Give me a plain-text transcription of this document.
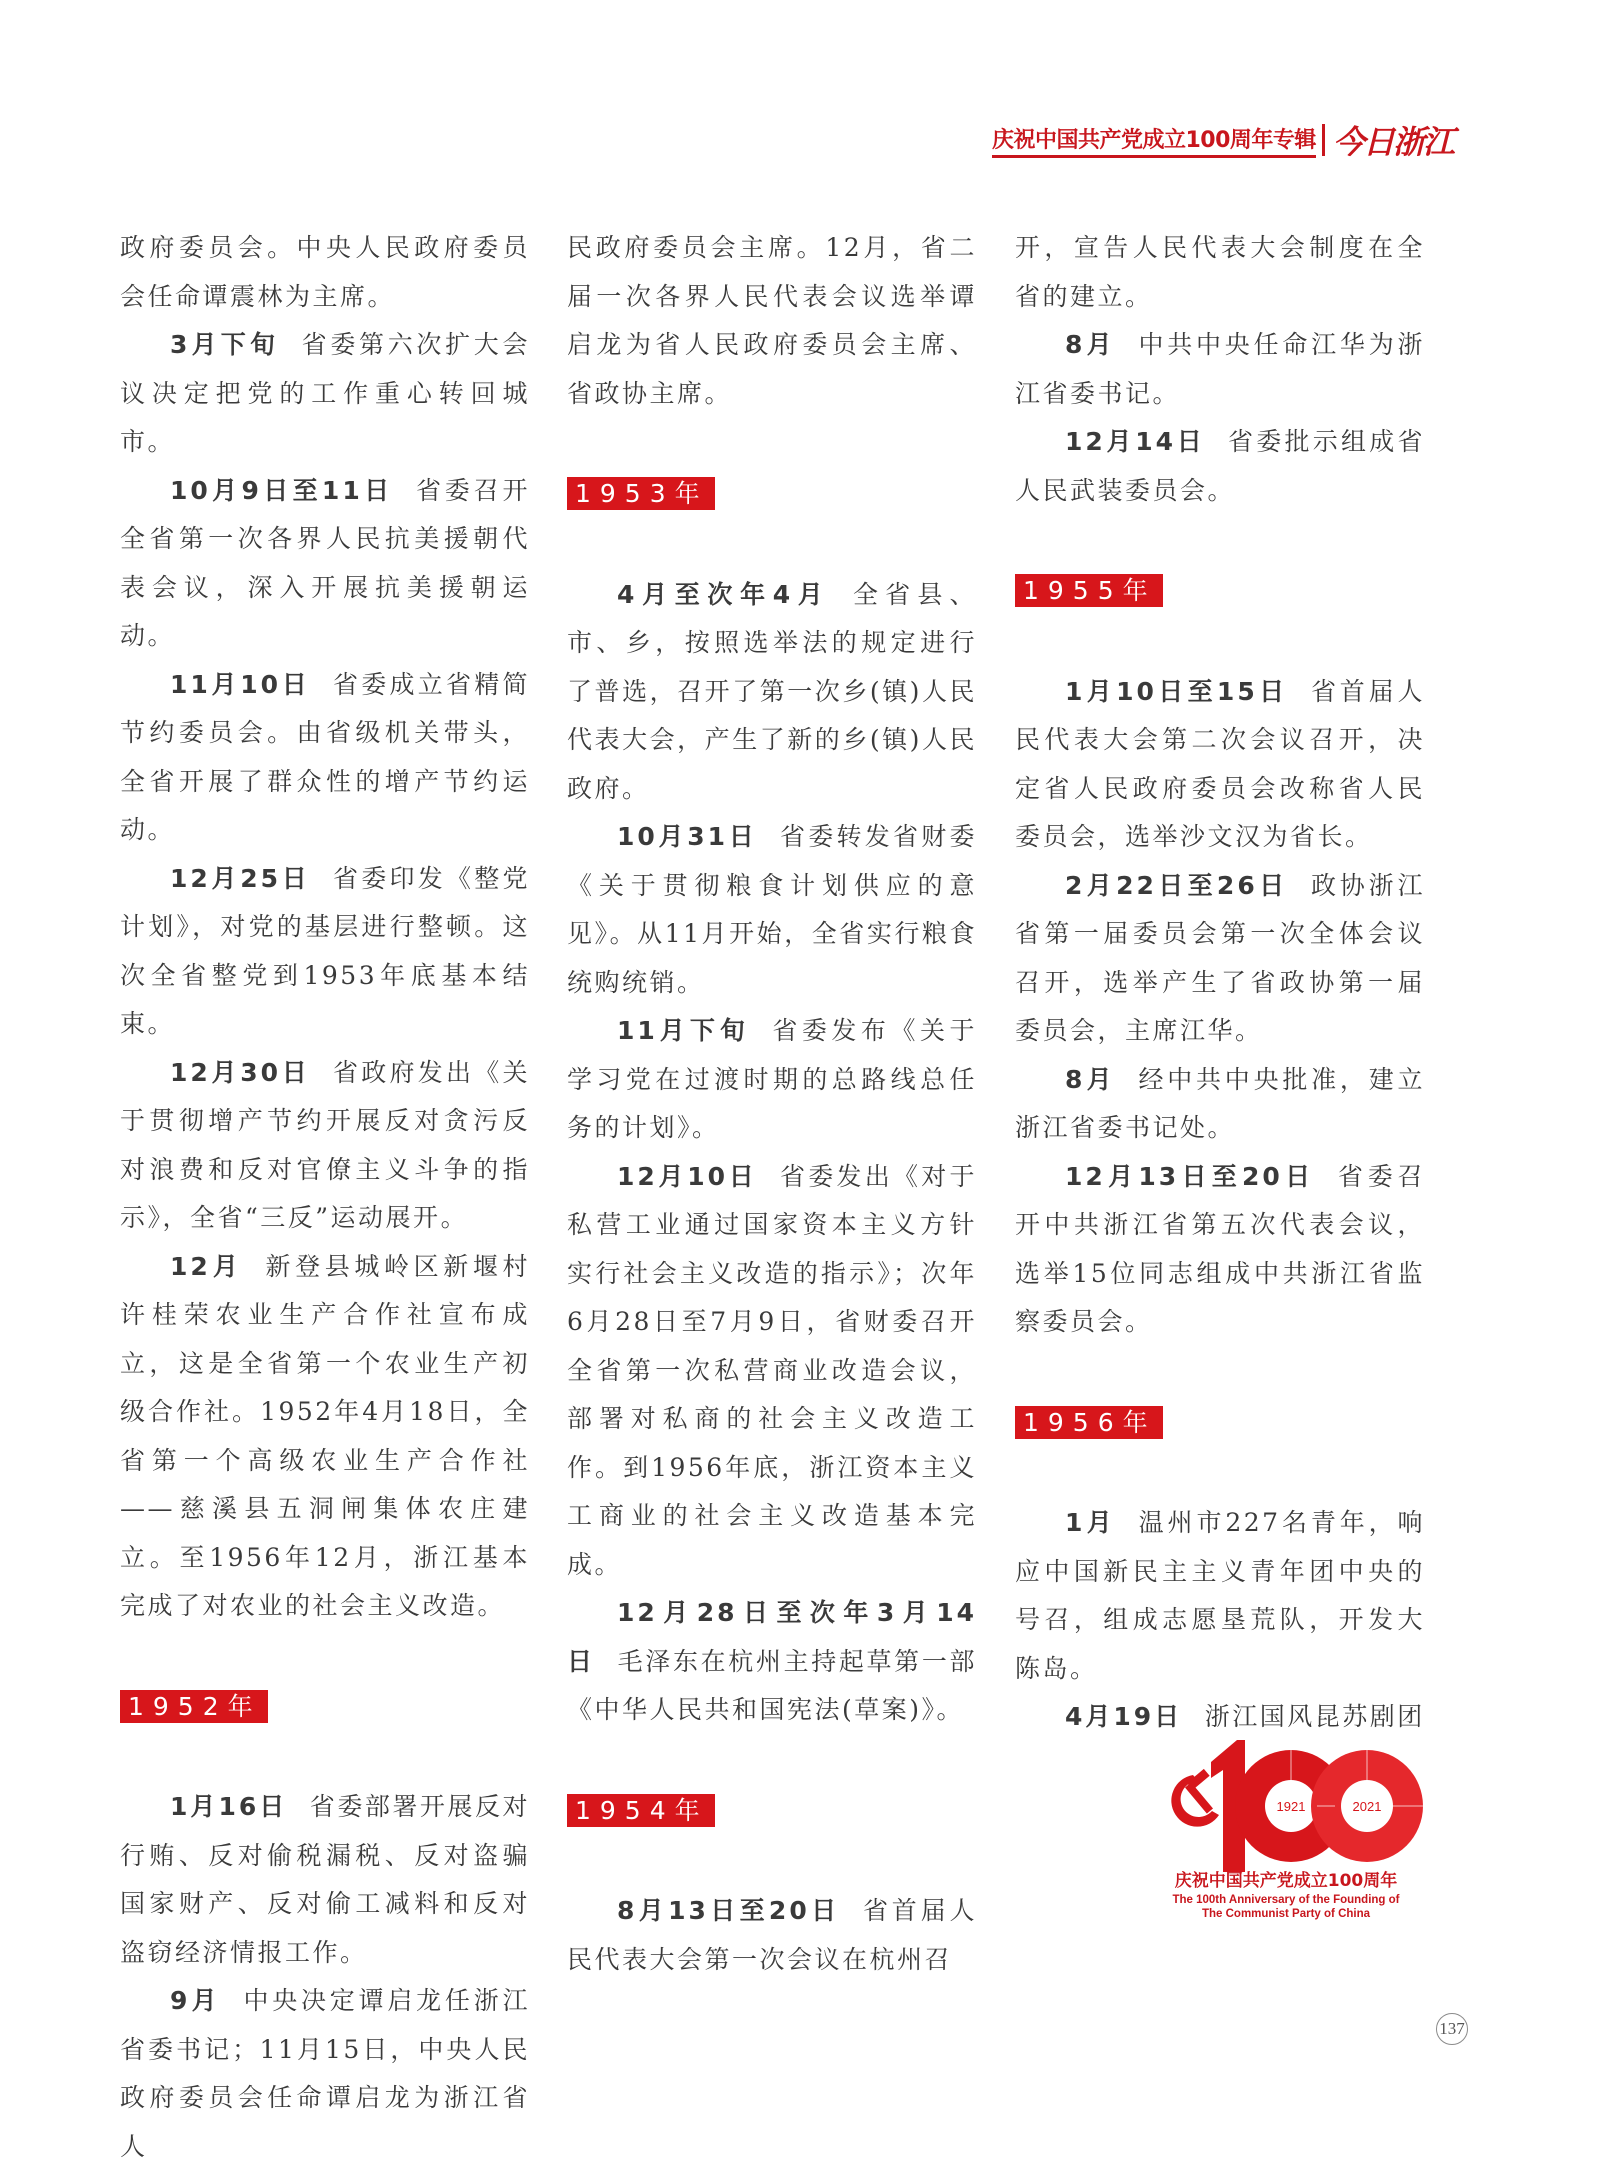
庆祝中国共产党成立100周年专辑 今日浙江

政府委员会。中央人民政府委员会任命谭震林为主席。

3月下旬 省委第六次扩大会议决定把党的工作重心转回城市。

10月9日至11日 省委召开全省第一次各界人民抗美援朝代表会议，深入开展抗美援朝运动。

11月10日 省委成立省精简节约委员会。由省级机关带头，全省开展了群众性的增产节约运动。

12月25日 省委印发《整党计划》，对党的基层进行整顿。这次全省整党到1953年底基本结束。

12月30日 省政府发出《关于贯彻增产节约开展反对贪污反对浪费和反对官僚主义斗争的指示》，全省“三反”运动展开。

12月 新登县城岭区新堰村许桂荣农业生产合作社宣布成立，这是全省第一个农业生产初级合作社。1952年4月18日，全省第一个高级农业生产合作社——慈溪县五洞闸集体农庄建立。至1956年12月，浙江基本完成了对农业的社会主义改造。

1952年

1月16日 省委部署开展反对行贿、反对偷税漏税、反对盗骗国家财产、反对偷工减料和反对盗窃经济情报工作。

9月 中央决定谭启龙任浙江省委书记；11月15日，中央人民政府委员会任命谭启龙为浙江省人

民政府委员会主席。12月，省二届一次各界人民代表会议选举谭启龙为省人民政府委员会主席、省政协主席。

1953年

4月至次年4月 全省县、市、乡，按照选举法的规定进行了普选，召开了第一次乡(镇)人民代表大会，产生了新的乡(镇)人民政府。

10月31日 省委转发省财委《关于贯彻粮食计划供应的意见》。从11月开始，全省实行粮食统购统销。

11月下旬 省委发布《关于学习党在过渡时期的总路线总任务的计划》。

12月10日 省委发出《对于私营工业通过国家资本主义方针实行社会主义改造的指示》；次年6月28日至7月9日，省财委召开全省第一次私营商业改造会议，部署对私商的社会主义改造工作。到1956年底，浙江资本主义工商业的社会主义改造基本完成。

12月28日至次年3月14日 毛泽东在杭州主持起草第一部《中华人民共和国宪法(草案)》。

1954年

8月13日至20日 省首届人民代表大会第一次会议在杭州召

开，宣告人民代表大会制度在全省的建立。

8月 中共中央任命江华为浙江省委书记。

12月14日 省委批示组成省人民武装委员会。

1955年

1月10日至15日 省首届人民代表大会第二次会议召开，决定省人民政府委员会改称省人民委员会，选举沙文汉为省长。

2月22日至26日 政协浙江省第一届委员会第一次全体会议召开，选举产生了省政协第一届委员会，主席江华。

8月 经中共中央批准，建立浙江省委书记处。

12月13日至20日 省委召开中共浙江省第五次代表会议，选举15位同志组成中共浙江省监察委员会。

1956年

1月 温州市227名青年，响应中国新民主主义青年团中央的号召，组成志愿垦荒队，开发大陈岛。

4月19日 浙江国风昆苏剧团

1921	2021
庆祝中国共产党成立100周年
The 100th Anniversary of the Founding of
The Communist Party of China
137
